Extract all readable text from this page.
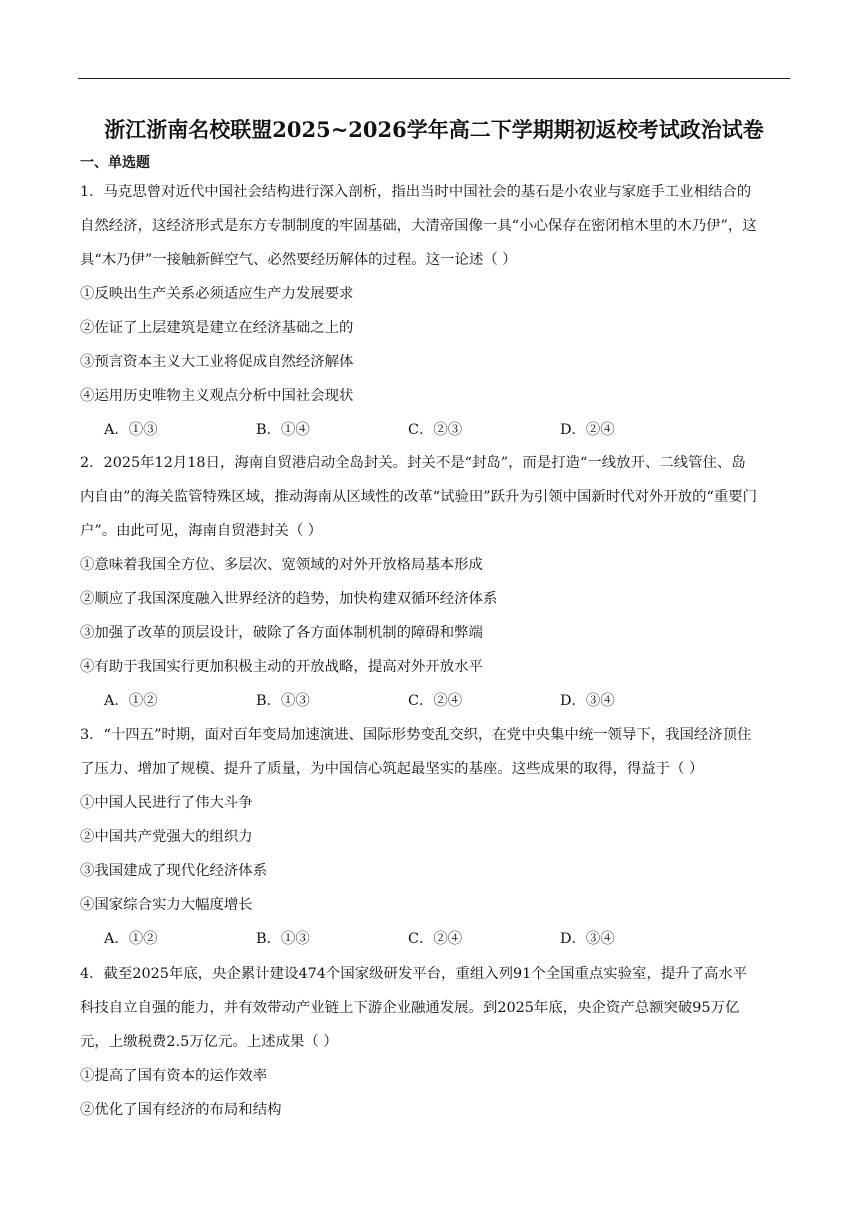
浙江浙南名校联盟2025~2026学年高二下学期期初返校考试政治试卷
一、单选题

1．马克思曾对近代中国社会结构进行深入剖析，指出当时中国社会的基石是小农业与家庭手工业相结合的

自然经济，这经济形式是东方专制制度的牢固基础，大清帝国像一具“小心保存在密闭棺木里的木乃伊”，这

具“木乃伊”一接触新鲜空气、必然要经历解体的过程。这一论述（ ）

①反映出生产关系必须适应生产力发展要求

②佐证了上层建筑是建立在经济基础之上的

③预言资本主义大工业将促成自然经济解体

④运用历史唯物主义观点分析中国社会现状

A．①③	B．①④	C．②③	D．②④

2．2025年12月18日，海南自贸港启动全岛封关。封关不是“封岛”，而是打造“一线放开、二线管住、岛

内自由”的海关监管特殊区域，推动海南从区域性的改革“试验田”跃升为引领中国新时代对外开放的“重要门

户”。由此可见，海南自贸港封关（ ）

①意味着我国全方位、多层次、宽领域的对外开放格局基本形成

②顺应了我国深度融入世界经济的趋势，加快构建双循环经济体系

③加强了改革的顶层设计，破除了各方面体制机制的障碍和弊端

④有助于我国实行更加积极主动的开放战略，提高对外开放水平

A．①②	B．①③	C．②④	D．③④

3．“十四五”时期，面对百年变局加速演进、国际形势变乱交织，在党中央集中统一领导下，我国经济顶住

了压力、增加了规模、提升了质量，为中国信心筑起最坚实的基座。这些成果的取得，得益于（ ）

①中国人民进行了伟大斗争

②中国共产党强大的组织力

③我国建成了现代化经济体系

④国家综合实力大幅度增长

A．①②	B．①③	C．②④	D．③④

4．截至2025年底，央企累计建设474个国家级研发平台，重组入列91个全国重点实验室，提升了高水平

科技自立自强的能力，并有效带动产业链上下游企业融通发展。到2025年底，央企资产总额突破95万亿

元，上缴税费2.5万亿元。上述成果（ ）

①提高了国有资本的运作效率

②优化了国有经济的布局和结构
